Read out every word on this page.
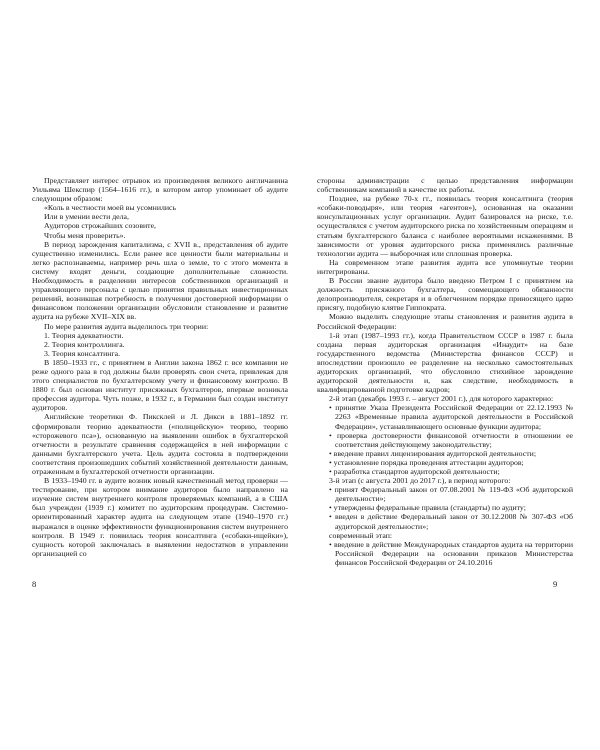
Представляет интерес отрывок из произведения великого англичанина Уильяма Шекспир (1564–1616 гг.), в котором автор упоминает об аудите следующим образом:

«Коль в честности моей вы усомнились

Или в умении вести дела,

Аудиторов строжайших созовите,

Чтобы меня проверить».

В период зарождения капитализма, с XVII в., представления об аудите существенно изменились. Если ранее все ценности были материальны и легко распознаваемы, например речь шла о земле, то с этого момента в систему входят деньги, создающие дополнительные сложности. Необходимость в разделении интересов собственников организаций и управляющего персонала с целью принятия правильных инвестиционных решений, возникшая потребность в получении достоверной информации о финансовом положении организации обусловили становление и развитие аудита на рубеже XVII–XIX вв.

По мере развития аудита выделилось три теории:

1. Теория адекватности.

2. Теория контроллинга.

3. Теория консалтинга.

В 1850–1933 гг., с принятием в Англии закона 1862 г. все компании не реже одного раза в год должны были проверять свои счета, привлекая для этого специалистов по бухгалтерскому учету и финансовому контролю. В 1880 г. был основан институт присяжных бухгалтеров, впервые возникла профессия аудитора. Чуть позже, в 1932 г., в Германии был создан институт аудиторов.

Английские теоретики Ф. Пиксклей и Л. Дикси в 1881–1892 гг. сформировали теорию адекватности («полицейскую» теорию, теорию «сторожевого пса»), основанную на выявлении ошибок в бухгалтерской отчетности в результате сравнения содержащейся в ней информации с данными бухгалтерского учета. Цель аудита состояла в подтверждении соответствия произошедших событий хозяйственной деятельности данным, отраженным в бухгалтерской отчетности организации.

В 1933–1940 гг. в аудите возник новый качественный метод проверки — тестирование, при котором внимание аудиторов было направлено на изучение систем внутреннего контроля проверяемых компаний, а в США был учрежден (1939 г.) комитет по аудиторским процедурам. Системно-ориентированный характер аудита на следующем этапе (1940–1970 гг.) выражался в оценке эффективности функционирования систем внутреннего контроля. В 1949 г. появилась теория консалтинга («собаки-ищейки»), сущность которой заключалась в выявлении недостатков в управлении организацией со

8

стороны администрации с целью представления информации собственникам компаний в качестве их работы.

Позднее, на рубеже 70-х гг., появилась теория консалтинга (теория «собаки-поводыря», или теория «агентов»), основанная на оказании консультационных услуг организации. Аудит базировался на риске, т.е. осуществлялся с учетом аудиторского риска по хозяйственным операциям и статьям бухгалтерского баланса с наиболее вероятными искажениями. В зависимости от уровня аудиторского риска применялись различные технологии аудита — выборочная или сплошная проверка.

На современном этапе развития аудита все упомянутые теории интегрированы.

В России звание аудитора было введено Петром I с принятием на должность присяжного бухгалтера, совмещающего обязанности делопроизводителя, секретаря и в облегченном порядке приносящего царю присягу, подобную клятве Гиппократа.

Можно выделить следующие этапы становления и развития аудита в Российской Федерации:

1-й этап (1987–1993 гг.), когда Правительством СССР в 1987 г. была создана первая аудиторская организация «Инаудит» на базе государственного ведомства (Министерства финансов СССР) и впоследствии произошло ее разделение на несколько самостоятельных аудиторских организаций, что обусловило стихийное зарождение аудиторской деятельности и, как следствие, необходимость в квалифицированной подготовке кадров;

2-й этап (декабрь 1993 г. – август 2001 г.), для которого характерно:

• принятие Указа Президента Российской Федерации от 22.12.1993 № 2263 «Временные правила аудиторской деятельности в Российской Федерации», устанавливающего основные функции аудитора;

• проверка достоверности финансовой отчетности в отношении ее соответствия действующему законодательству;

• введение правил лицензирования аудиторской деятельности;

• установление порядка проведения аттестации аудиторов;

• разработка стандартов аудиторской деятельности;

3-й этап (с августа 2001 до 2017 г.), в период которого:

• принят Федеральный закон от 07.08.2001 № 119-ФЗ «Об аудиторской деятельности»;

• утверждены федеральные правила (стандарты) по аудиту;

• введен в действие Федеральный закон от 30.12.2008 № 307-ФЗ «Об аудиторской деятельности»;

современный этап:

• введение в действие Международных стандартов аудита на территории Российской Федерации на основании приказов Министерства финансов Российской Федерации от 24.10.2016

9
